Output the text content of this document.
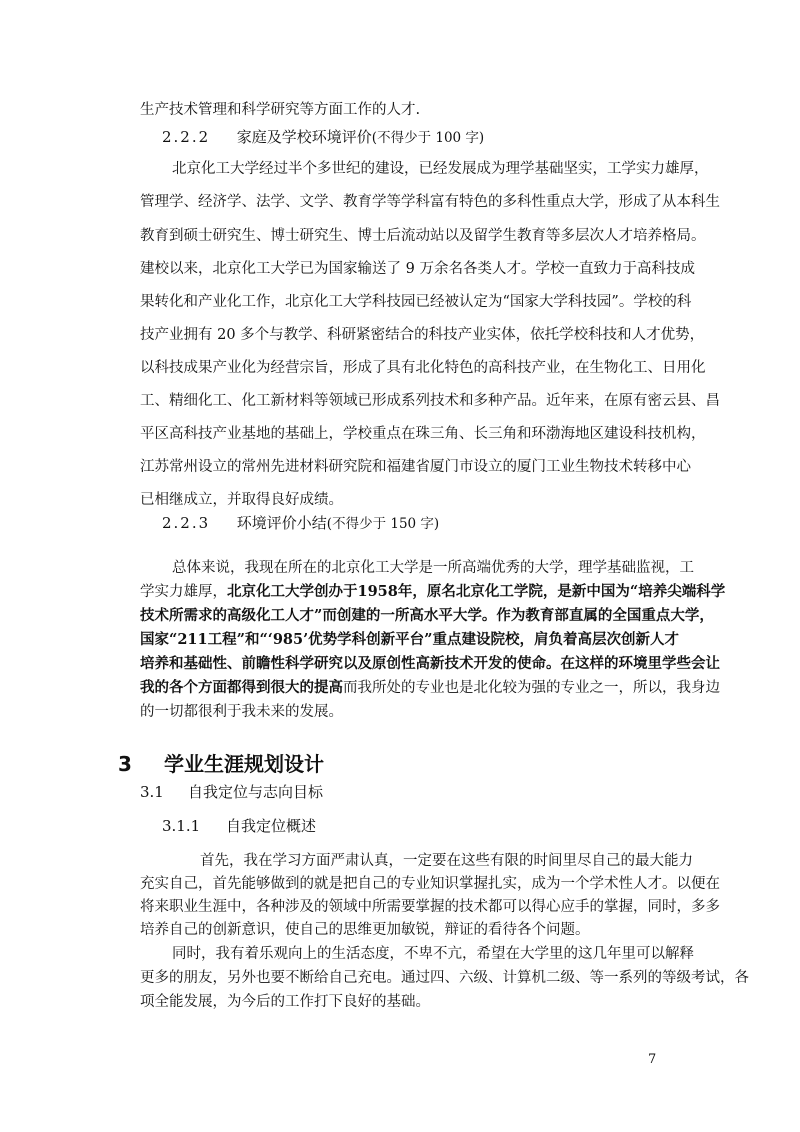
生产技术管理和科学研究等方面工作的人才.
2.2.2 家庭及学校环境评价(不得少于 100 字)
北京化工大学经过半个多世纪的建设，已经发展成为理学基础坚实，工学实力雄厚，
管理学、经济学、法学、文学、教育学等学科富有特色的多科性重点大学，形成了从本科生
教育到硕士研究生、博士研究生、博士后流动站以及留学生教育等多层次人才培养格局。
建校以来，北京化工大学已为国家输送了 9 万余名各类人才。学校一直致力于高科技成
果转化和产业化工作，北京化工大学科技园已经被认定为“国家大学科技园”。学校的科
技产业拥有 20 多个与教学、科研紧密结合的科技产业实体，依托学校科技和人才优势，
以科技成果产业化为经营宗旨，形成了具有北化特色的高科技产业，在生物化工、日用化
工、精细化工、化工新材料等领域已形成系列技术和多种产品。近年来，在原有密云县、昌
平区高科技产业基地的基础上，学校重点在珠三角、长三角和环渤海地区建设科技机构，
江苏常州设立的常州先进材料研究院和福建省厦门市设立的厦门工业生物技术转移中心
已相继成立，并取得良好成绩。
2.2.3 环境评价小结(不得少于 150 字)
总体来说，我现在所在的北京化工大学是一所高端优秀的大学，理学基础监视，工
学实力雄厚，北京化工大学创办于1958年，原名北京化工学院，是新中国为“培养尖端科学
技术所需求的高级化工人才”而创建的一所高水平大学。作为教育部直属的全国重点大学，
国家“211工程”和“‘985’优势学科创新平台”重点建设院校，肩负着高层次创新人才
培养和基础性、前瞻性科学研究以及原创性高新技术开发的使命。在这样的环境里学些会让
我的各个方面都得到很大的提高而我所处的专业也是北化较为强的专业之一，所以，我身边
的一切都很利于我未来的发展。
3 学业生涯规划设计
3.1 自我定位与志向目标
3.1.1 自我定位概述
首先，我在学习方面严肃认真，一定要在这些有限的时间里尽自己的最大能力
充实自己，首先能够做到的就是把自己的专业知识掌握扎实，成为一个学术性人才。以便在
将来职业生涯中，各种涉及的领域中所需要掌握的技术都可以得心应手的掌握，同时，多多
培养自己的创新意识，使自己的思维更加敏锐，辩证的看待各个问题。
同时，我有着乐观向上的生活态度，不卑不亢，希望在大学里的这几年里可以解释
更多的朋友，另外也要不断给自己充电。通过四、六级、计算机二级、等一系列的等级考试，各
项全能发展，为今后的工作打下良好的基础。
7
